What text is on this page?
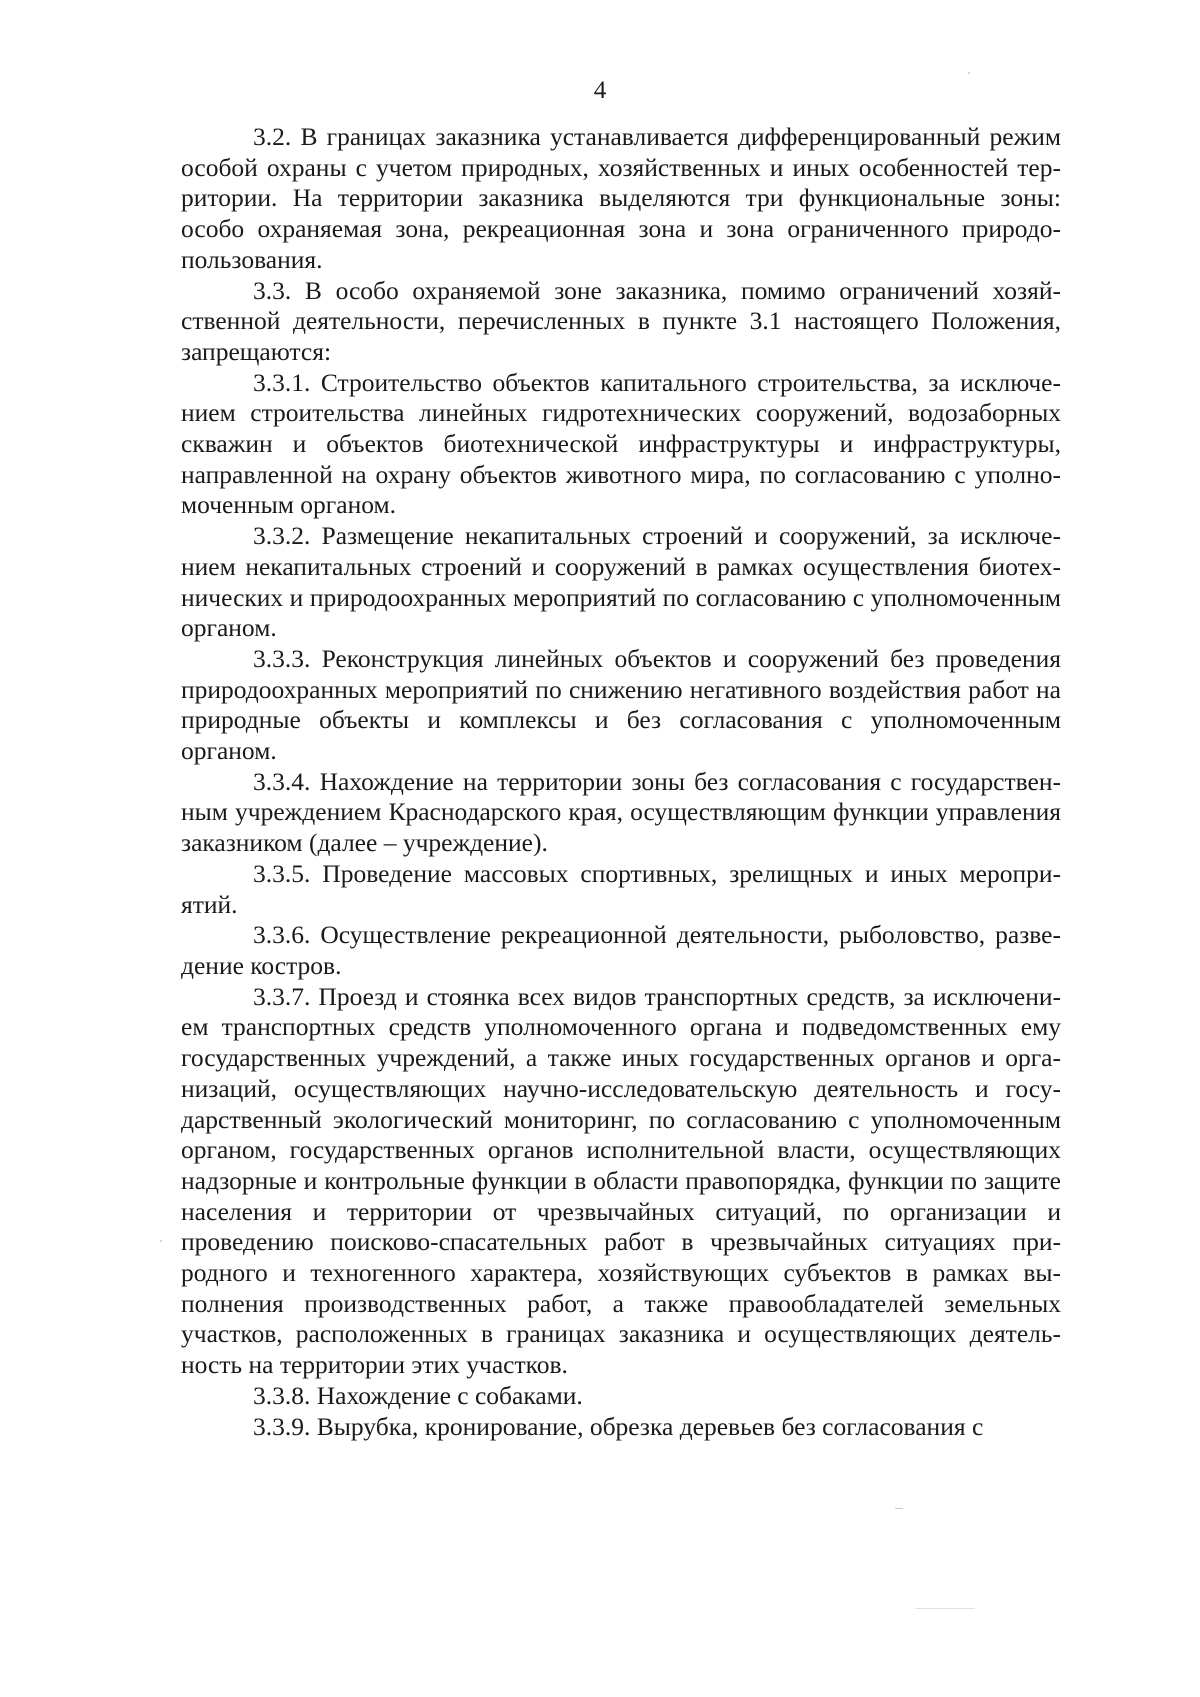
4

3.2. В границах заказника устанавливается дифференцированный режим особой охраны с учетом природных, хозяйственных и иных особенностей территории. На территории заказника выделяются три функциональные зоны: особо охраняемая зона, рекреационная зона и зона ограниченного природопользования.

3.3. В особо охраняемой зоне заказника, помимо ограничений хозяйственной деятельности, перечисленных в пункте 3.1 настоящего Положения, запрещаются:

3.3.1. Строительство объектов капитального строительства, за исключением строительства линейных гидротехнических сооружений, водозаборных скважин и объектов биотехнической инфраструктуры и инфраструктуры, направленной на охрану объектов животного мира, по согласованию с уполномоченным органом.

3.3.2. Размещение некапитальных строений и сооружений, за исключением некапитальных строений и сооружений в рамках осуществления биотехнических и природоохранных мероприятий по согласованию с уполномоченным органом.

3.3.3. Реконструкция линейных объектов и сооружений без проведения природоохранных мероприятий по снижению негативного воздействия работ на природные объекты и комплексы и без согласования с уполномоченным органом.

3.3.4. Нахождение на территории зоны без согласования с государственным учреждением Краснодарского края, осуществляющим функции управления заказником (далее – учреждение).

3.3.5. Проведение массовых спортивных, зрелищных и иных мероприятий.

3.3.6. Осуществление рекреационной деятельности, рыболовство, разведение костров.

3.3.7. Проезд и стоянка всех видов транспортных средств, за исключением транспортных средств уполномоченного органа и подведомственных ему государственных учреждений, а также иных государственных органов и организаций, осуществляющих научно-исследовательскую деятельность и государственный экологический мониторинг, по согласованию с уполномоченным органом, государственных органов исполнительной власти, осуществляющих надзорные и контрольные функции в области правопорядка, функции по защите населения и территории от чрезвычайных ситуаций, по организации и проведению поисково-спасательных работ в чрезвычайных ситуациях природного и техногенного характера, хозяйствующих субъектов в рамках выполнения производственных работ, а также правообладателей земельных участков, расположенных в границах заказника и осуществляющих деятельность на территории этих участков.

3.3.8. Нахождение с собаками.

3.3.9. Вырубка, кронирование, обрезка деревьев без согласования с
